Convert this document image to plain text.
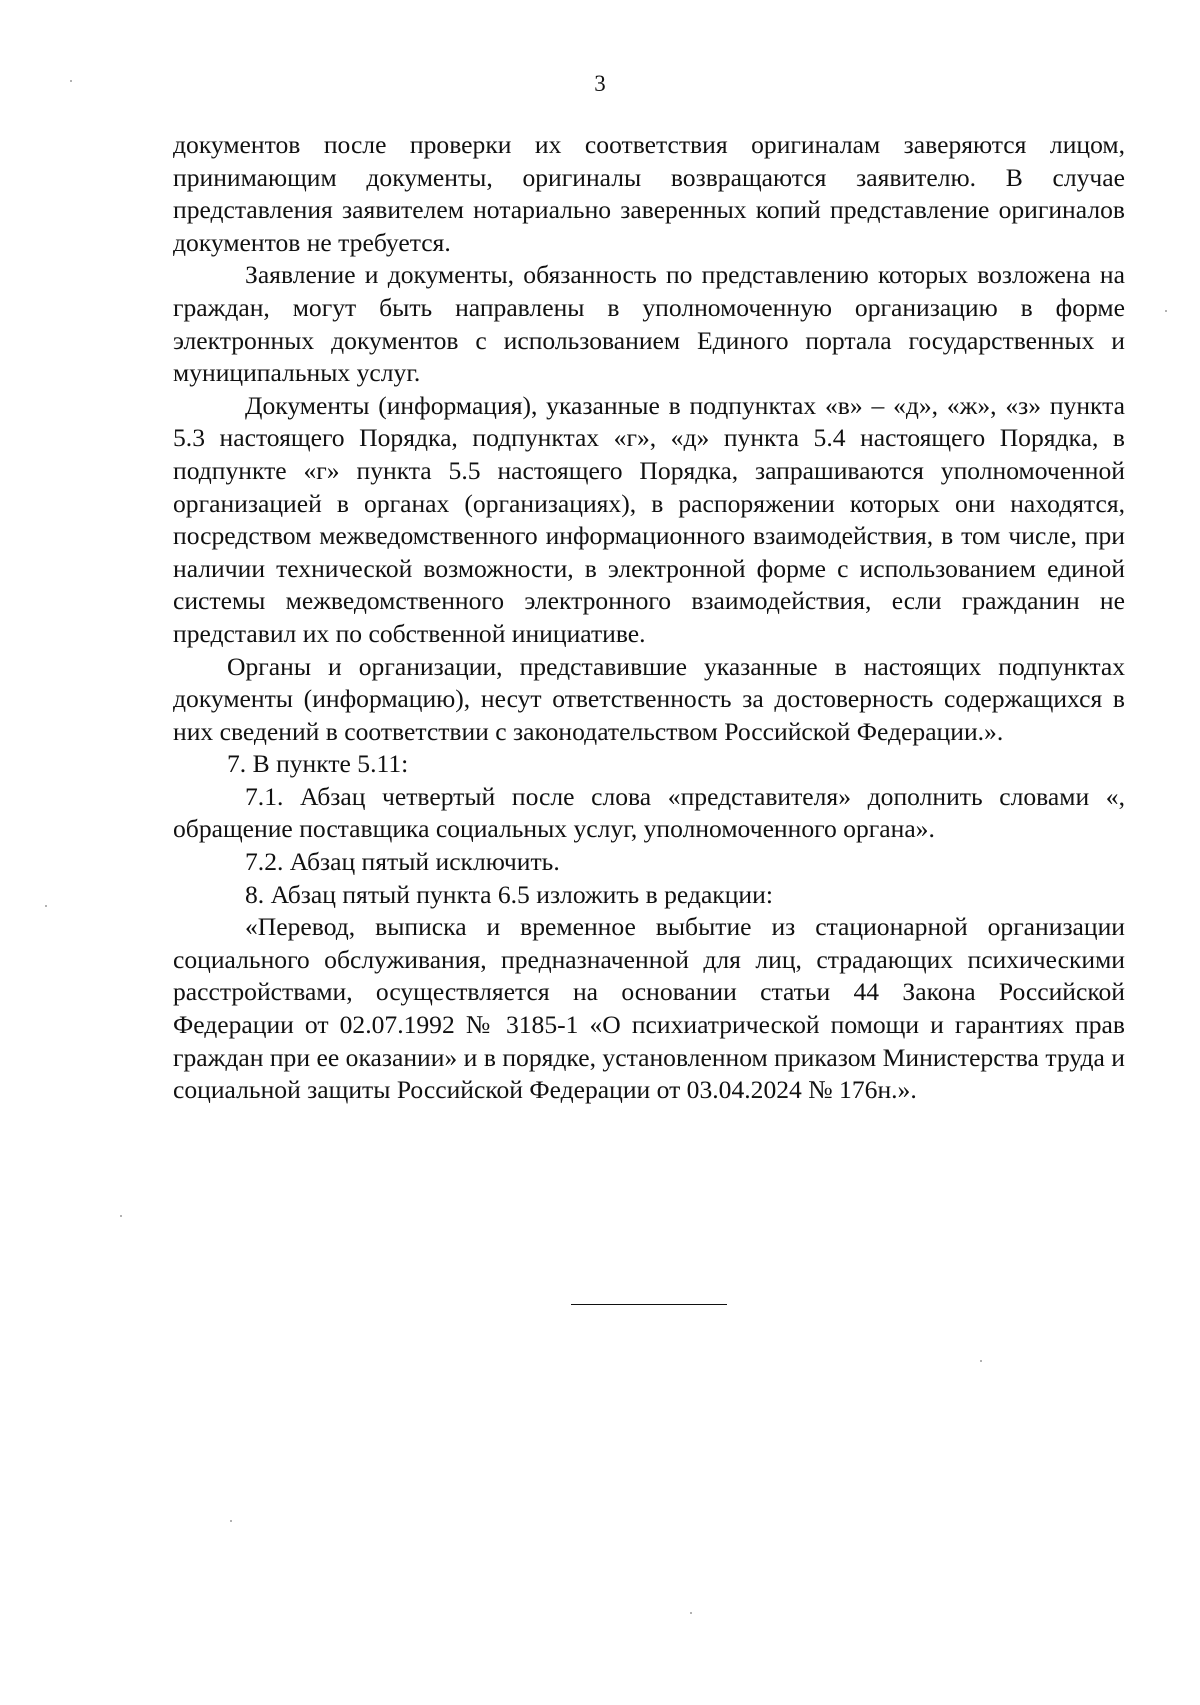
3

документов после проверки их соответствия оригиналам заверяются лицом, принимающим документы, оригиналы возвращаются заявителю. В случае представления заявителем нотариально заверенных копий представление оригиналов документов не требуется.

Заявление и документы, обязанность по представлению которых возложена на граждан, могут быть направлены в уполномоченную организацию в форме электронных документов с использованием Единого портала государственных и муниципальных услуг.

Документы (информация), указанные в подпунктах «в» – «д», «ж», «з» пункта 5.3 настоящего Порядка, подпунктах «г», «д» пункта 5.4 настоящего Порядка, в подпункте «г» пункта 5.5 настоящего Порядка, запрашиваются уполномоченной организацией в органах (организациях), в распоряжении которых они находятся, посредством межведомственного информационного взаимодействия, в том числе, при наличии технической возможности, в электронной форме с использованием единой системы межведомственного электронного взаимодействия, если гражданин не представил их по собственной инициативе.

Органы и организации, представившие указанные в настоящих подпунктах документы (информацию), несут ответственность за достоверность содержащихся в них сведений в соответствии с законодательством Российской Федерации.».

7. В пункте 5.11:

7.1. Абзац четвертый после слова «представителя» дополнить словами «, обращение поставщика социальных услуг, уполномоченного органа».

7.2. Абзац пятый исключить.

8. Абзац пятый пункта 6.5 изложить в редакции:

«Перевод, выписка и временное выбытие из стационарной организации социального обслуживания, предназначенной для лиц, страдающих психическими расстройствами, осуществляется на основании статьи 44 Закона Российской Федерации от 02.07.1992 № 3185-1 «О психиатрической помощи и гарантиях прав граждан при ее оказании» и в порядке, установленном приказом Министерства труда и социальной защиты Российской Федерации от 03.04.2024 № 176н.».
